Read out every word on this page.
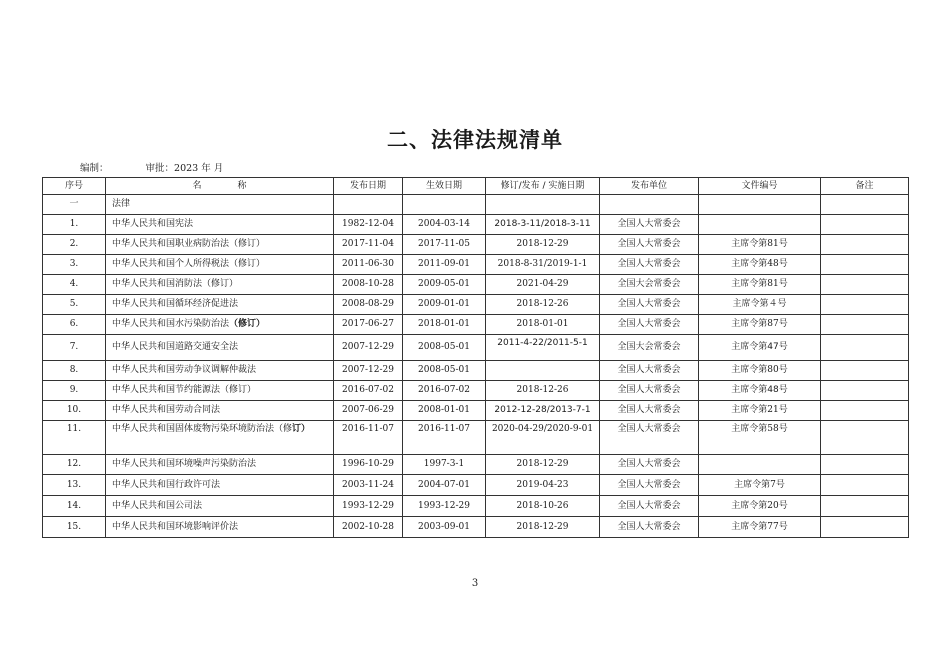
二、法律法规清单
编制：	审批：2023 年 月
序号	名　　　　称	发布日期	生效日期	修订/发布 / 实施日期	发布单位	文件编号	备注
一	法律						
1.	中华人民共和国宪法	1982-12-04	2004-03-14	2018-3-11/2018-3-11	全国人大常委会		
2.	中华人民共和国职业病防治法（修订）	2017-11-04	2017-11-05	2018-12-29	全国人大常委会	主席令第81号	
3.	中华人民共和国个人所得税法（修订）	2011-06-30	2011-09-01	2018-8-31/2019-1-1	全国人大常委会	主席令第48号	
4.	中华人民共和国消防法（修订）	2008-10-28	2009-05-01	2021-04-29	全国大会常委会	主席令第81号	
5.	中华人民共和国循环经济促进法	2008-08-29	2009-01-01	2018-12-26	全国人大常委会	主席令第４号	
6.	中华人民共和国水污染防治法（修订）	2017-06-27	2018-01-01	2018-01-01	全国人大常委会	主席令第87号	
7.	中华人民共和国道路交通安全法	2007-12-29	2008-05-01	2011-4-22/2011-5-1	全国大会常委会	主席令第47号	
8.	中华人民共和国劳动争议调解仲裁法	2007-12-29	2008-05-01		全国人大常委会	主席令第80号	
9.	中华人民共和国节约能源法（修订）	2016-07-02	2016-07-02	2018-12-26	全国人大常委会	主席令第48号	
10.	中华人民共和国劳动合同法	2007-06-29	2008-01-01	2012-12-28/2013-7-1	全国人大常委会	主席令第21号	
11.	中华人民共和国固体废物污染环境防治法（修订）	2016-11-07	2016-11-07	2020-04-29/2020-9-01	全国人大常委会	主席令第58号	
12.	中华人民共和国环境噪声污染防治法	1996-10-29	1997-3-1	2018-12-29	全国人大常委会		
13.	中华人民共和国行政许可法	2003-11-24	2004-07-01	2019-04-23	全国人大常委会	主席令第7号	
14.	中华人民共和国公司法	1993-12-29	1993-12-29	2018-10-26	全国人大常委会	主席令第20号	
15.	中华人民共和国环境影响评价法	2002-10-28	2003-09-01	2018-12-29	全国人大常委会	主席令第77号	
3
